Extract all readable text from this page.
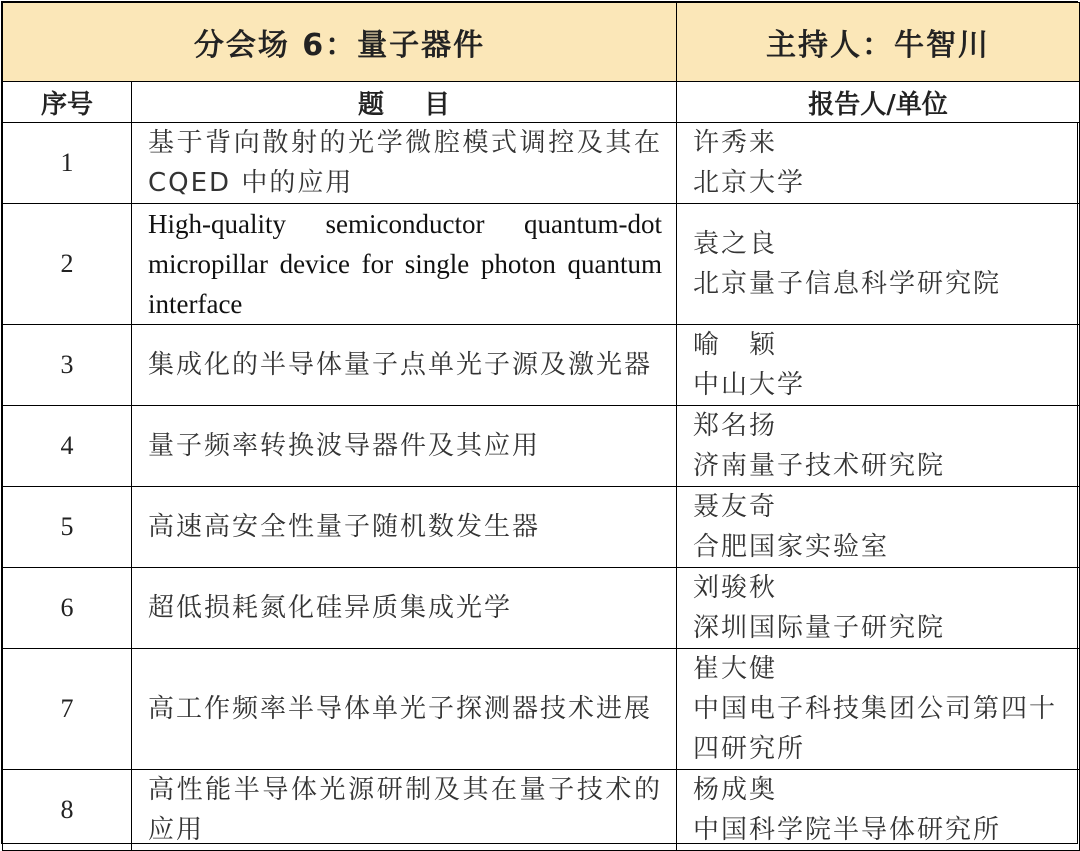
分会场 6：量子器件		主持人：牛智川
序号	题目	报告人/单位
1	基于背向散射的光学微腔模式调控及其在 CQED 中的应用	许秀来
北京大学

2	High-quality semiconductor quantum-dot micropillar device for single photon quantum interface	袁之良
北京量子信息科学研究院

3	集成化的半导体量子点单光子源及激光器	喻　颖
中山大学

4	量子频率转换波导器件及其应用	郑名扬
济南量子技术研究院

5	高速高安全性量子随机数发生器	聂友奇
合肥国家实验室

6	超低损耗氮化硅异质集成光学	刘骏秋
深圳国际量子研究院

7	高工作频率半导体单光子探测器技术进展	崔大健
中国电子科技集团公司第四十四研究所

8	高性能半导体光源研制及其在量子技术的应用	杨成奥
中国科学院半导体研究所
